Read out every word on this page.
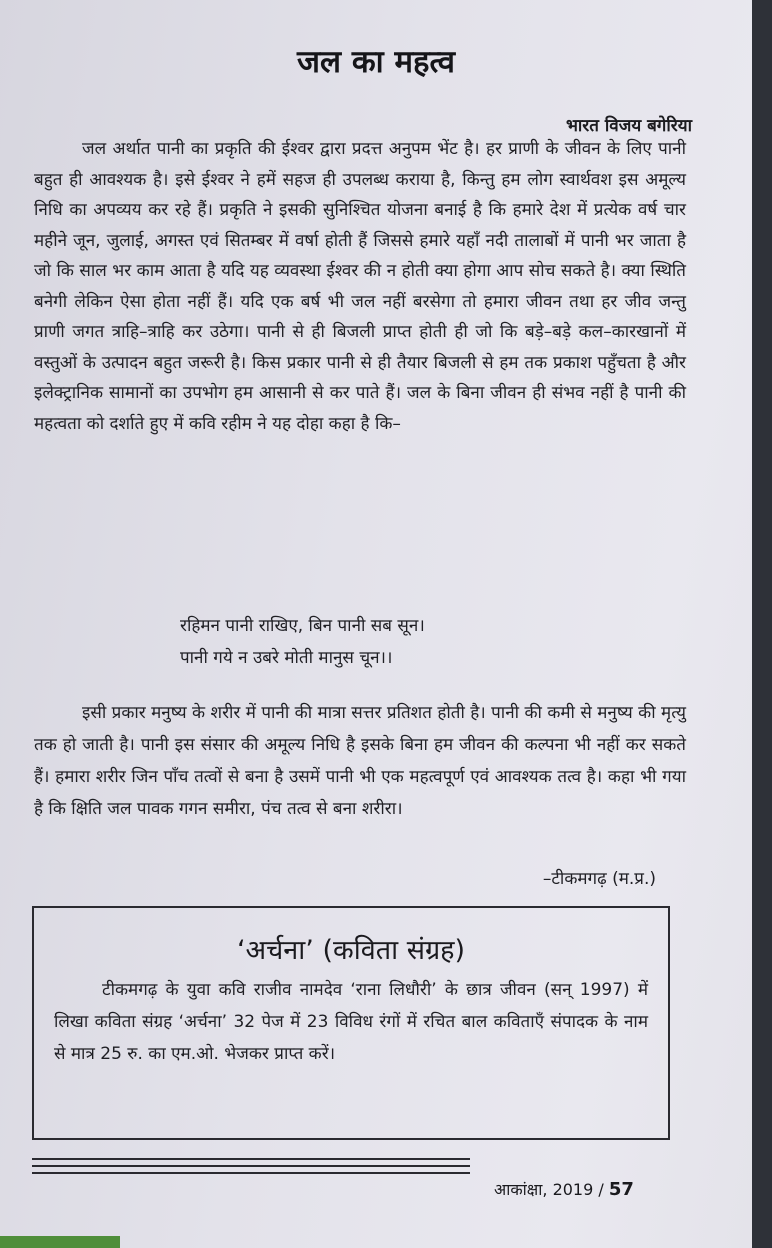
जल का महत्व
भारत विजय बगेरिया

जल अर्थात पानी का प्रकृति की ईश्वर द्वारा प्रदत्त अनुपम भेंट है। हर प्राणी के जीवन के लिए पानी बहुत ही आवश्यक है। इसे ईश्वर ने हमें सहज ही उपलब्ध कराया है, किन्तु हम लोग स्वार्थवश इस अमूल्य निधि का अपव्यय कर रहे हैं। प्रकृति ने इसकी सुनिश्चित योजना बनाई है कि हमारे देश में प्रत्येक वर्ष चार महीने जून, जुलाई, अगस्त एवं सितम्बर में वर्षा होती हैं जिससे हमारे यहाँ नदी तालाबों में पानी भर जाता है जो कि साल भर काम आता है यदि यह व्यवस्था ईश्वर की न होती क्या होगा आप सोच सकते है। क्या स्थिति बनेगी लेकिन ऐसा होता नहीं हैं। यदि एक बर्ष भी जल नहीं बरसेगा तो हमारा जीवन तथा हर जीव जन्तु प्राणी जगत त्राहि–त्राहि कर उठेगा। पानी से ही बिजली प्राप्त होती ही जो कि बड़े–बड़े कल–कारखानों में वस्तुओं के उत्पादन बहुत जरूरी है। किस प्रकार पानी से ही तैयार बिजली से हम तक प्रकाश पहुँचता है और इलेक्ट्रानिक सामानों का उपभोग हम आसानी से कर पाते हैं। जल के बिना जीवन ही संभव नहीं है पानी की महत्वता को दर्शाते हुए में कवि रहीम ने यह दोहा कहा है कि–

रहिमन पानी राखिए, बिन पानी सब सून।
पानी गये न उबरे मोती मानुस चून।।

इसी प्रकार मनुष्य के शरीर में पानी की मात्रा सत्तर प्रतिशत होती है। पानी की कमी से मनुष्य की मृत्यु तक हो जाती है। पानी इस संसार की अमूल्य निधि है इसके बिना हम जीवन की कल्पना भी नहीं कर सकते हैं। हमारा शरीर जिन पाँच तत्वों से बना है उसमें पानी भी एक महत्वपूर्ण एवं आवश्यक तत्व है। कहा भी गया है कि क्षिति जल पावक गगन समीरा, पंच तत्व से बना शरीरा।

–टीकमगढ़ (म.प्र.)
‘अर्चना’ (कविता संग्रह)
टीकमगढ़ के युवा कवि राजीव नामदेव ‘राना लिधौरी’ के छात्र जीवन (सन् 1997) में लिखा कविता संग्रह ‘अर्चना’ 32 पेज में 23 विविध रंगों में रचित बाल कविताएँ संपादक के नाम से मात्र 25 रु. का एम.ओ. भेजकर प्राप्त करें।
आकांक्षा, 2019 / 57
